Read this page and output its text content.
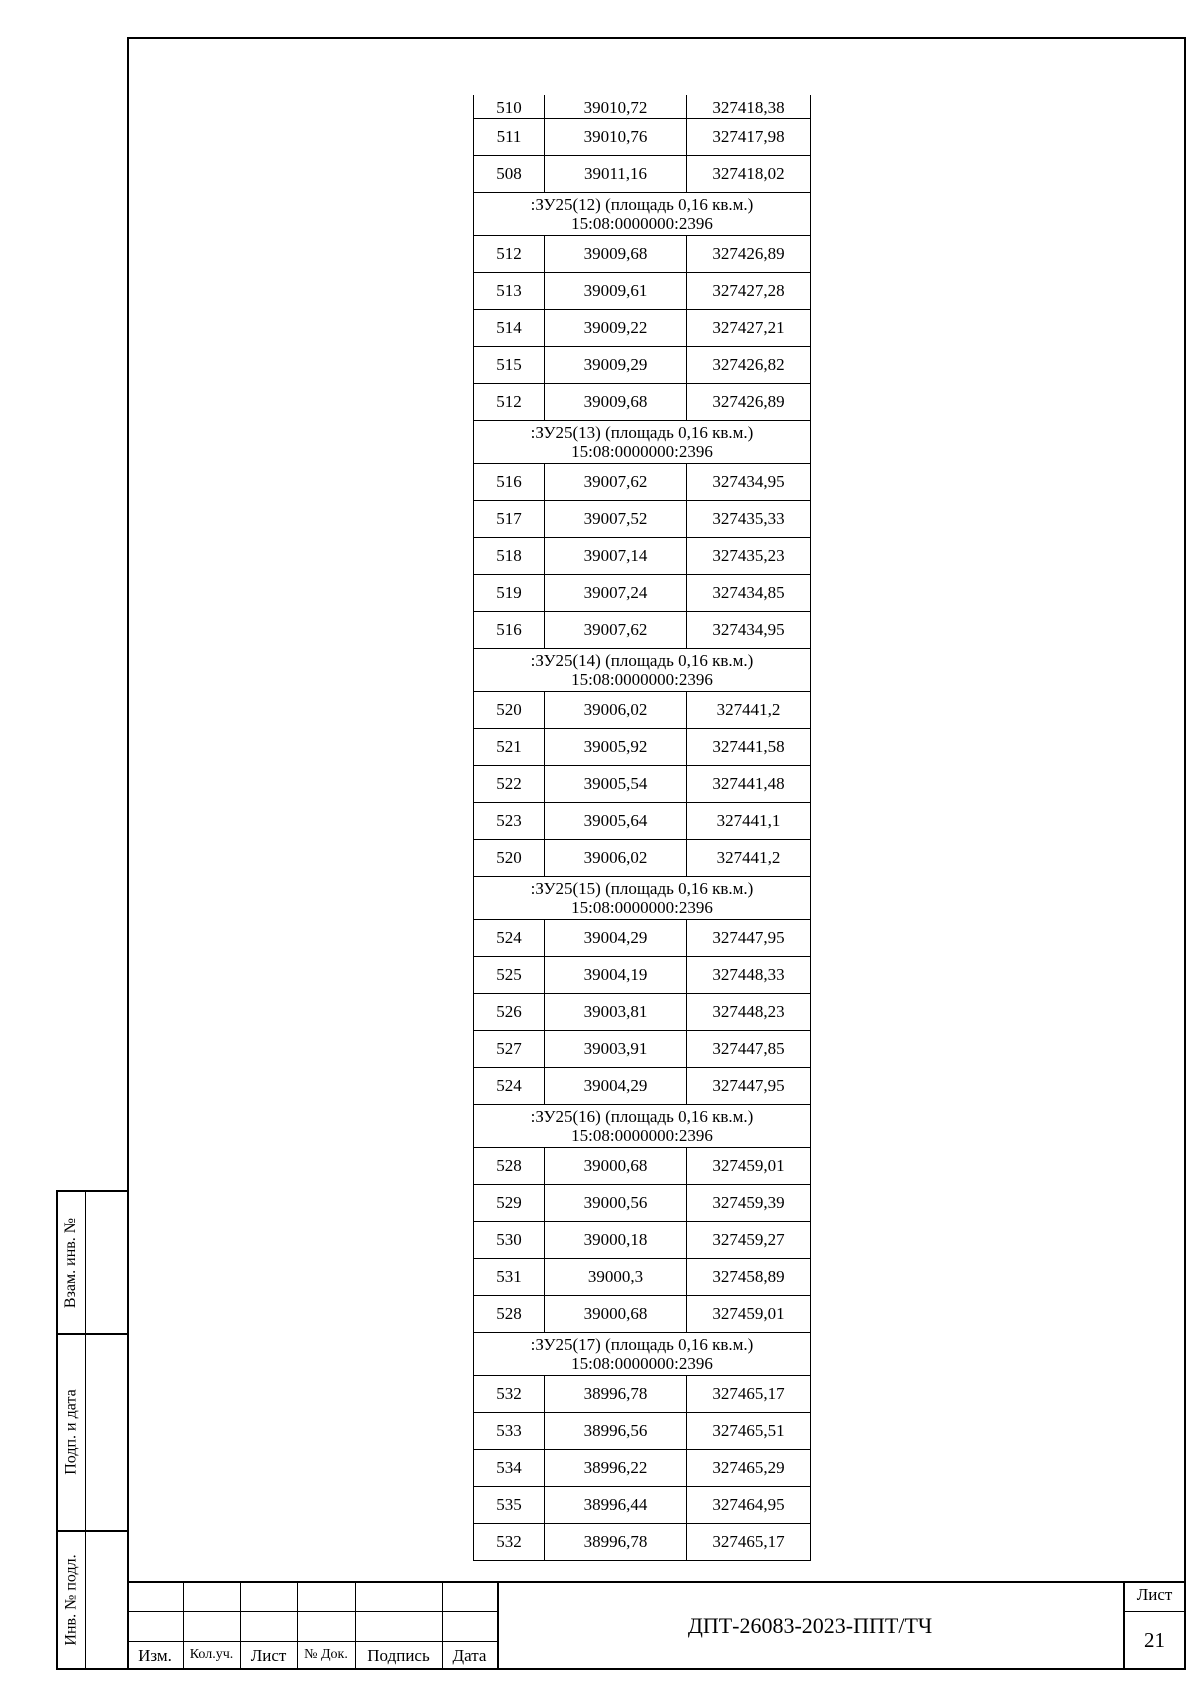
510	39010,72	327418,38
511	39010,76	327417,98
508	39011,16	327418,02

:ЗУ25(12) (площадь 0,16 кв.м.)
15:08:0000000:2396		

512	39009,68	327426,89
513	39009,61	327427,28
514	39009,22	327427,21
515	39009,29	327426,82
512	39009,68	327426,89

:ЗУ25(13) (площадь 0,16 кв.м.)
15:08:0000000:2396		

516	39007,62	327434,95
517	39007,52	327435,33
518	39007,14	327435,23
519	39007,24	327434,85
516	39007,62	327434,95

:ЗУ25(14) (площадь 0,16 кв.м.)
15:08:0000000:2396		

520	39006,02	327441,2
521	39005,92	327441,58
522	39005,54	327441,48
523	39005,64	327441,1
520	39006,02	327441,2

:ЗУ25(15) (площадь 0,16 кв.м.)
15:08:0000000:2396		

524	39004,29	327447,95
525	39004,19	327448,33
526	39003,81	327448,23
527	39003,91	327447,85
524	39004,29	327447,95

:ЗУ25(16) (площадь 0,16 кв.м.)
15:08:0000000:2396		

528	39000,68	327459,01
529	39000,56	327459,39
530	39000,18	327459,27
531	39000,3	327458,89
528	39000,68	327459,01

:ЗУ25(17) (площадь 0,16 кв.м.)
15:08:0000000:2396		

532	38996,78	327465,17
533	38996,56	327465,51
534	38996,22	327465,29
535	38996,44	327464,95
532	38996,78	327465,17
Взам. инв. №
Подп. и дата
Инв. № подл.
Изм.	Кол.уч.	Лист	№ Док.	Подпись	Дата
ДПТ-26083-2023-ППТ/ТЧ
Лист
21
